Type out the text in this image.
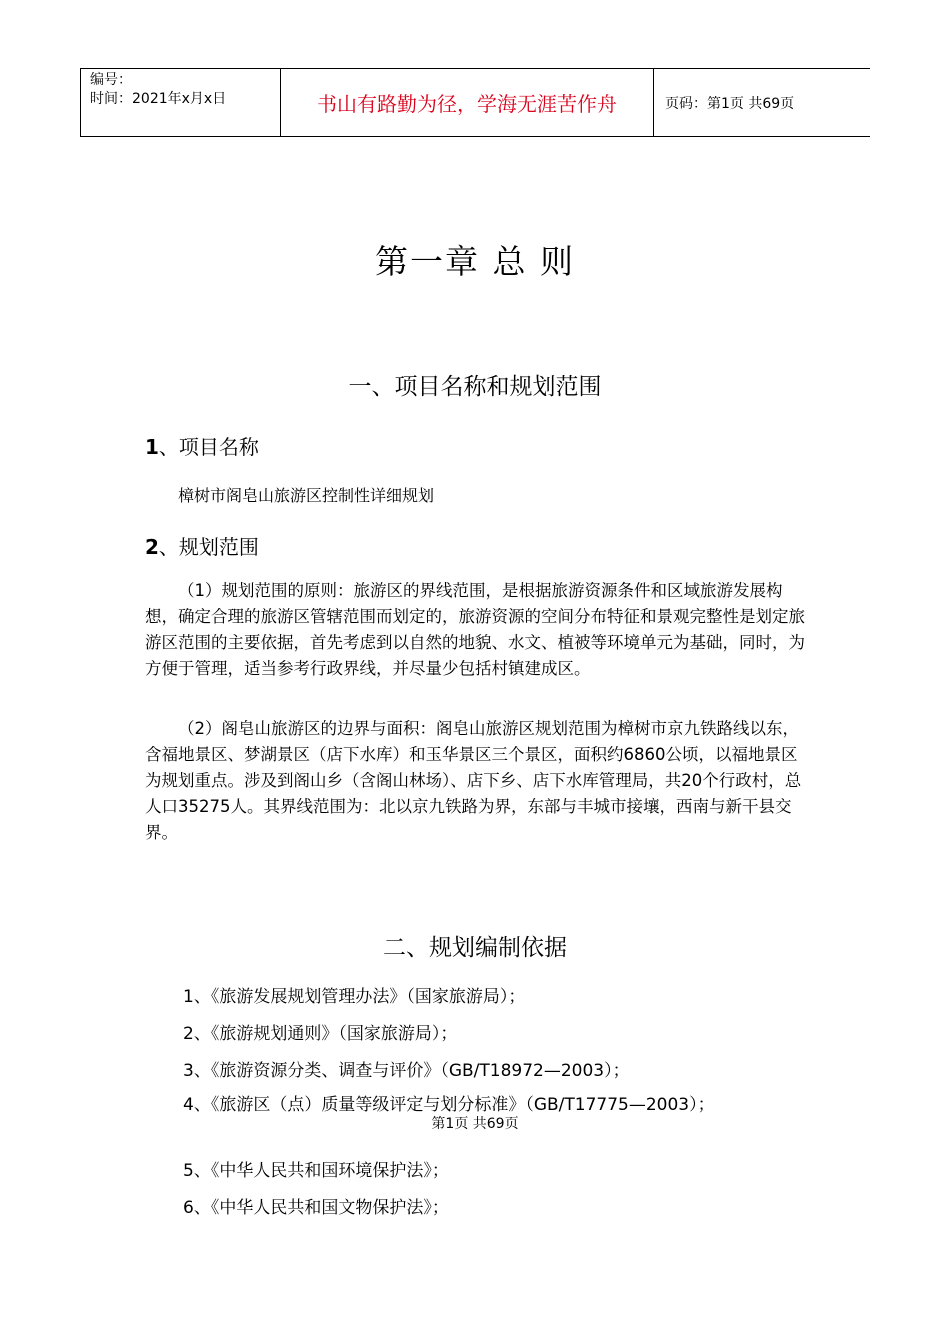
编号：
时间：2021年x月x日	书山有路勤为径，学海无涯苦作舟	页码：第1页 共69页
第一章 总 则
一、项目名称和规划范围
1、项目名称
樟树市阁皂山旅游区控制性详细规划
2、规划范围
（1）规划范围的原则：旅游区的界线范围，是根据旅游资源条件和区域旅游发展构想，确定合理的旅游区管辖范围而划定的，旅游资源的空间分布特征和景观完整性是划定旅游区范围的主要依据，首先考虑到以自然的地貌、水文、植被等环境单元为基础，同时，为方便于管理，适当参考行政界线，并尽量少包括村镇建成区。
（2）阁皂山旅游区的边界与面积：阁皂山旅游区规划范围为樟树市京九铁路线以东，含福地景区、梦湖景区（店下水库）和玉华景区三个景区，面积约6860公顷，以福地景区为规划重点。涉及到阁山乡（含阁山林场）、店下乡、店下水库管理局，共20个行政村，总人口35275人。其界线范围为：北以京九铁路为界，东部与丰城市接壤，西南与新干县交界。
二、规划编制依据
1、《旅游发展规划管理办法》（国家旅游局）；
2、《旅游规划通则》（国家旅游局）；
3、《旅游资源分类、调查与评价》（GB/T18972—2003）；
4、《旅游区（点）质量等级评定与划分标准》（GB/T17775—2003）；
第1页 共69页
5、《中华人民共和国环境保护法》；
6、《中华人民共和国文物保护法》；
